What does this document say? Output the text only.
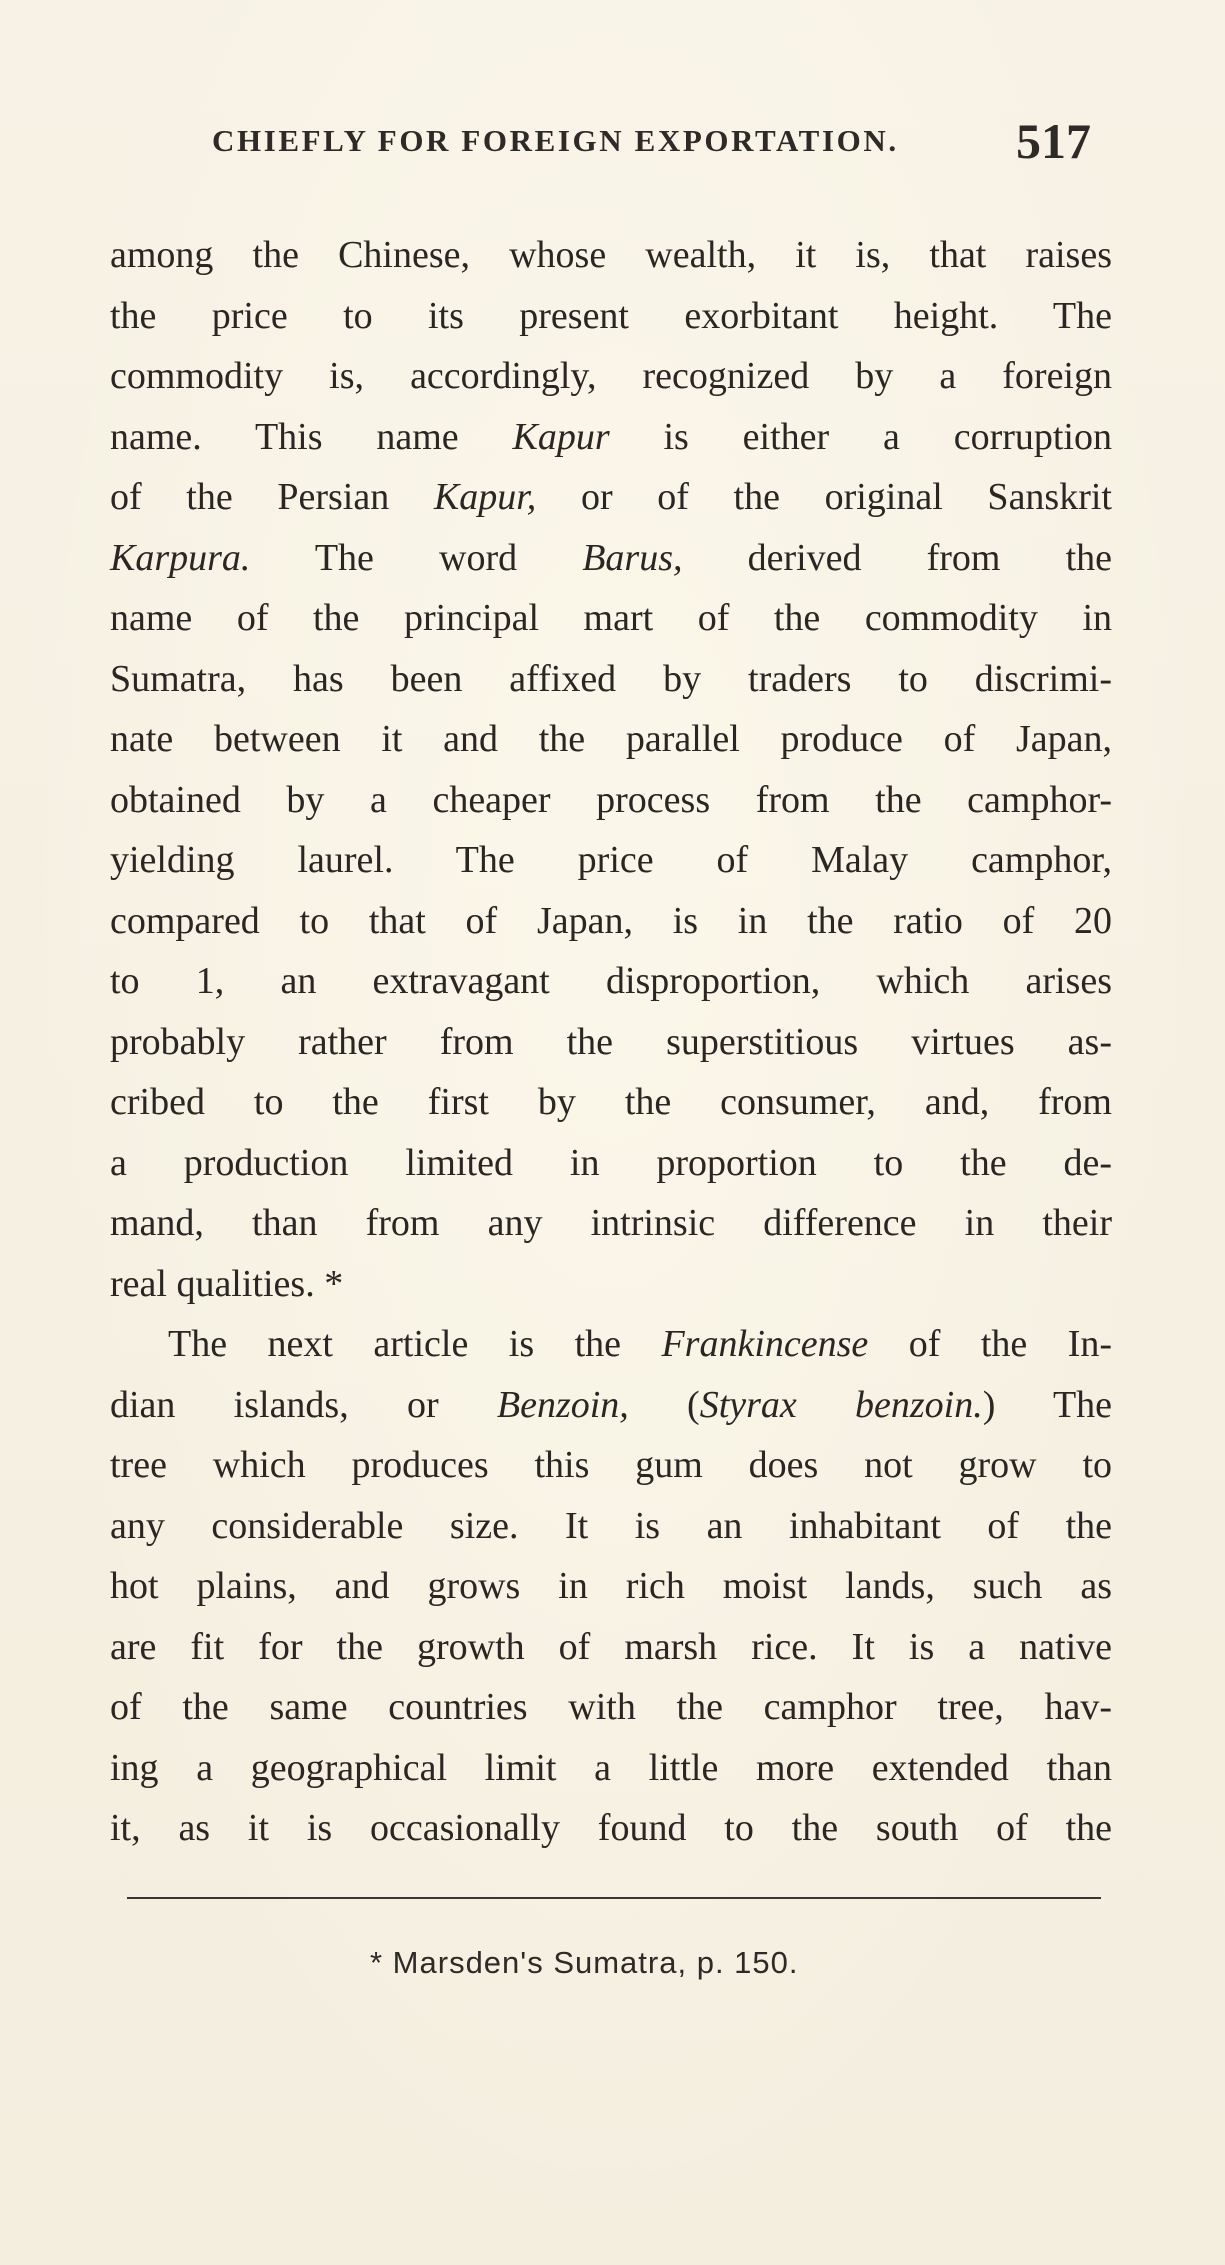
CHIEFLY FOR FOREIGN EXPORTATION. 517
among the Chinese, whose wealth, it is, that raises
the price to its present exorbitant height. The
commodity is, accordingly, recognized by a foreign
name. This name Kapur is either a corruption
of the Persian Kapur, or of the original Sanskrit
Karpura. The word Barus, derived from the
name of the principal mart of the commodity in
Sumatra, has been affixed by traders to discrimi-
nate between it and the parallel produce of Japan,
obtained by a cheaper process from the camphor-
yielding laurel. The price of Malay camphor,
compared to that of Japan, is in the ratio of 20
to 1, an extravagant disproportion, which arises
probably rather from the superstitious virtues as-
cribed to the first by the consumer, and, from
a production limited in proportion to the de-
mand, than from any intrinsic difference in their
real qualities. *
The next article is the Frankincense of the In-
dian islands, or Benzoin, (Styrax benzoin.) The
tree which produces this gum does not grow to
any considerable size. It is an inhabitant of the
hot plains, and grows in rich moist lands, such as
are fit for the growth of marsh rice. It is a native
of the same countries with the camphor tree, hav-
ing a geographical limit a little more extended than
it, as it is occasionally found to the south of the
* Marsden's Sumatra, p. 150.
